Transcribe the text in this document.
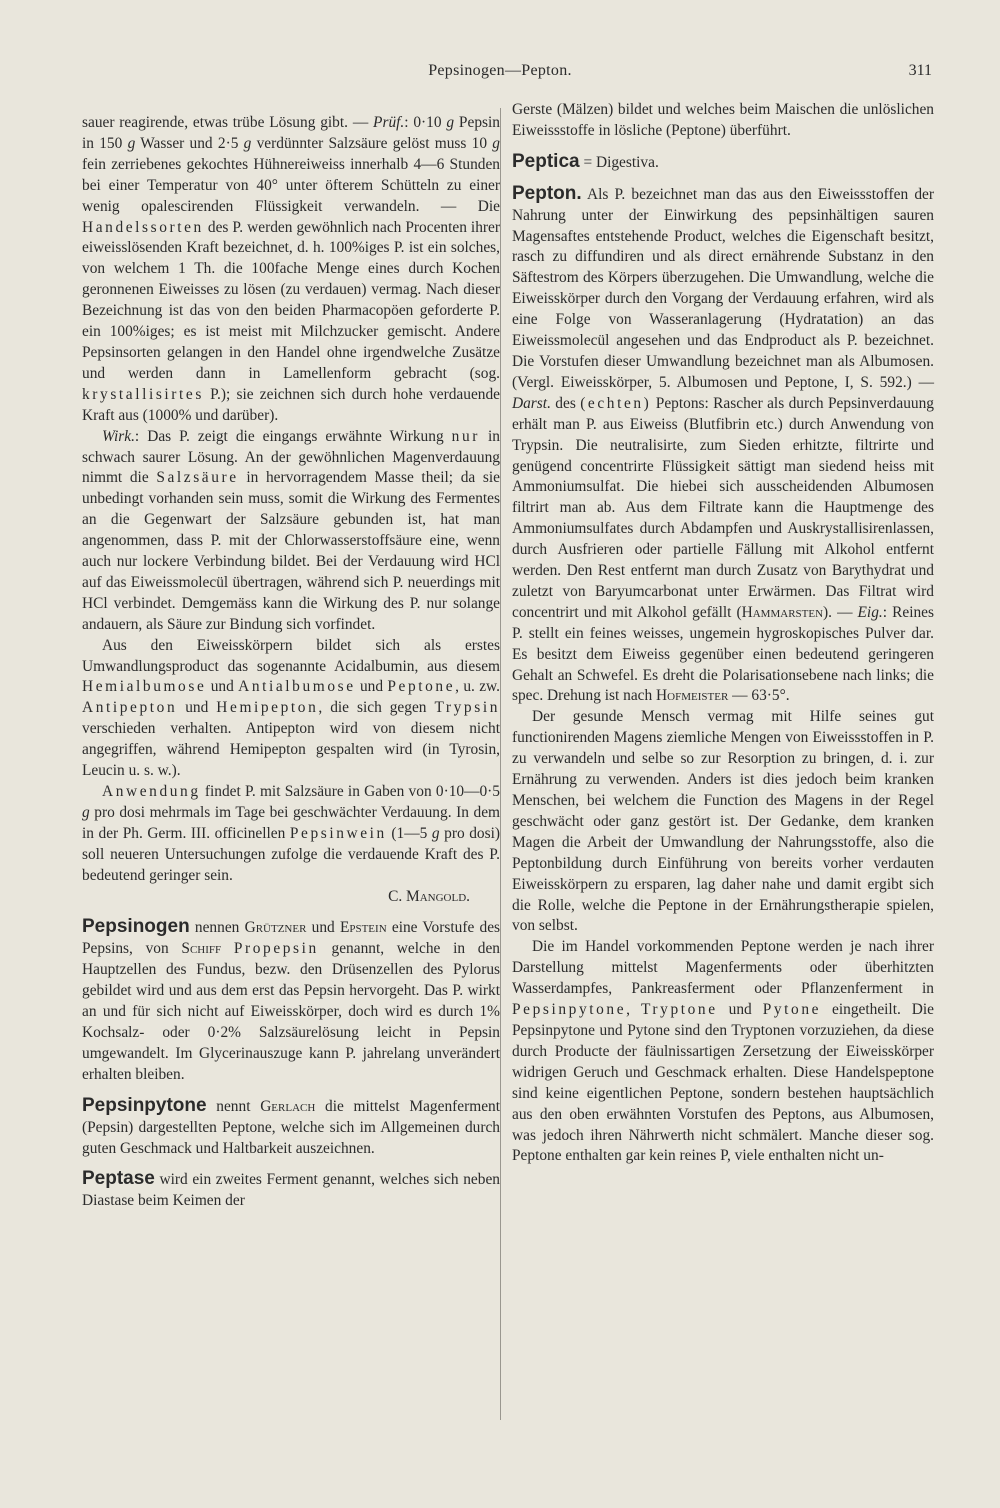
Pepsinogen—Pepton.	311

sauer reagirende, etwas trübe Lösung gibt. — Prüf.: 0·10 g Pepsin in 150 g Wasser und 2·5 g verdünnter Salzsäure gelöst muss 10 g fein zerriebenes gekochtes Hühnereiweiss innerhalb 4—6 Stunden bei einer Temperatur von 40° unter öfterem Schütteln zu einer wenig opalescirenden Flüssigkeit verwandeln. — Die Handelssorten des P. werden gewöhnlich nach Procenten ihrer eiweisslösenden Kraft bezeichnet, d. h. 100%iges P. ist ein solches, von welchem 1 Th. die 100fache Menge eines durch Kochen geronnenen Eiweisses zu lösen (zu verdauen) vermag. Nach dieser Bezeichnung ist das von den beiden Pharmacopöen geforderte P. ein 100%iges; es ist meist mit Milchzucker gemischt. Andere Pepsinsorten gelangen in den Handel ohne irgendwelche Zusätze und werden dann in Lamellenform gebracht (sog. krystallisirtes P.); sie zeichnen sich durch hohe verdauende Kraft aus (1000% und darüber).

Wirk.: Das P. zeigt die eingangs erwähnte Wirkung nur in schwach saurer Lösung. An der gewöhnlichen Magenverdauung nimmt die Salzsäure in hervorragendem Masse theil; da sie unbedingt vorhanden sein muss, somit die Wirkung des Fermentes an die Gegenwart der Salzsäure gebunden ist, hat man angenommen, dass P. mit der Chlorwasserstoffsäure eine, wenn auch nur lockere Verbindung bildet. Bei der Verdauung wird HCl auf das Eiweissmolecül übertragen, während sich P. neuerdings mit HCl verbindet. Demgemäss kann die Wirkung des P. nur solange andauern, als Säure zur Bindung sich vorfindet.

Aus den Eiweisskörpern bildet sich als erstes Umwandlungsproduct das sogenannte Acidalbumin, aus diesem Hemialbumose und Antialbumose und Peptone, u. zw. Antipepton und Hemipepton, die sich gegen Trypsin verschieden verhalten. Antipepton wird von diesem nicht angegriffen, während Hemipepton gespalten wird (in Tyrosin, Leucin u. s. w.).

Anwendung findet P. mit Salzsäure in Gaben von 0·10—0·5 g pro dosi mehrmals im Tage bei geschwächter Verdauung. In dem in der Ph. Germ. III. officinellen Pepsinwein (1—5 g pro dosi) soll neueren Untersuchungen zufolge die verdauende Kraft des P. bedeutend geringer sein.

C. Mangold.

Pepsinogen nennen Grützner und Epstein eine Vorstufe des Pepsins, von Schiff Propepsin genannt, welche in den Hauptzellen des Fundus, bezw. den Drüsenzellen des Pylorus gebildet wird und aus dem erst das Pepsin hervorgeht. Das P. wirkt an und für sich nicht auf Eiweisskörper, doch wird es durch 1% Kochsalz- oder 0·2% Salzsäurelösung leicht in Pepsin umgewandelt. Im Glycerinauszuge kann P. jahrelang unverändert erhalten bleiben.

Pepsinpytone nennt Gerlach die mittelst Magenferment (Pepsin) dargestellten Peptone, welche sich im Allgemeinen durch guten Geschmack und Haltbarkeit auszeichnen.

Peptase wird ein zweites Ferment genannt, welches sich neben Diastase beim Keimen der

Gerste (Mälzen) bildet und welches beim Maischen die unlöslichen Eiweissstoffe in lösliche (Peptone) überführt.

Peptica = Digestiva.

Pepton. Als P. bezeichnet man das aus den Eiweissstoffen der Nahrung unter der Einwirkung des pepsinhältigen sauren Magensaftes entstehende Product, welches die Eigenschaft besitzt, rasch zu diffundiren und als direct ernährende Substanz in den Säftestrom des Körpers überzugehen. Die Umwandlung, welche die Eiweisskörper durch den Vorgang der Verdauung erfahren, wird als eine Folge von Wasseranlagerung (Hydratation) an das Eiweissmolecül angesehen und das Endproduct als P. bezeichnet. Die Vorstufen dieser Umwandlung bezeichnet man als Albumosen. (Vergl. Eiweisskörper, 5. Albumosen und Peptone, I, S. 592.) — Darst. des (echten) Peptons: Rascher als durch Pepsinverdauung erhält man P. aus Eiweiss (Blutfibrin etc.) durch Anwendung von Trypsin. Die neutralisirte, zum Sieden erhitzte, filtrirte und genügend concentrirte Flüssigkeit sättigt man siedend heiss mit Ammoniumsulfat. Die hiebei sich ausscheidenden Albumosen filtrirt man ab. Aus dem Filtrate kann die Hauptmenge des Ammoniumsulfates durch Abdampfen und Auskrystallisirenlassen, durch Ausfrieren oder partielle Fällung mit Alkohol entfernt werden. Den Rest entfernt man durch Zusatz von Barythydrat und zuletzt von Baryumcarbonat unter Erwärmen. Das Filtrat wird concentrirt und mit Alkohol gefällt (Hammarsten). — Eig.: Reines P. stellt ein feines weisses, ungemein hygroskopisches Pulver dar. Es besitzt dem Eiweiss gegenüber einen bedeutend geringeren Gehalt an Schwefel. Es dreht die Polarisationsebene nach links; die spec. Drehung ist nach Hofmeister — 63·5°.

Der gesunde Mensch vermag mit Hilfe seines gut functionirenden Magens ziemliche Mengen von Eiweissstoffen in P. zu verwandeln und selbe so zur Resorption zu bringen, d. i. zur Ernährung zu verwenden. Anders ist dies jedoch beim kranken Menschen, bei welchem die Function des Magens in der Regel geschwächt oder ganz gestört ist. Der Gedanke, dem kranken Magen die Arbeit der Umwandlung der Nahrungsstoffe, also die Peptonbildung durch Einführung von bereits vorher verdauten Eiweisskörpern zu ersparen, lag daher nahe und damit ergibt sich die Rolle, welche die Peptone in der Ernährungstherapie spielen, von selbst.

Die im Handel vorkommenden Peptone werden je nach ihrer Darstellung mittelst Magenferments oder überhitzten Wasserdampfes, Pankreasferment oder Pflanzenferment in Pepsinpytone, Tryptone und Pytone eingetheilt. Die Pepsinpytone und Pytone sind den Tryptonen vorzuziehen, da diese durch Producte der fäulnissartigen Zersetzung der Eiweisskörper widrigen Geruch und Geschmack erhalten. Diese Handelspeptone sind keine eigentlichen Peptone, sondern bestehen hauptsächlich aus den oben erwähnten Vorstufen des Peptons, aus Albumosen, was jedoch ihren Nährwerth nicht schmälert. Manche dieser sog. Peptone enthalten gar kein reines P, viele enthalten nicht un-
